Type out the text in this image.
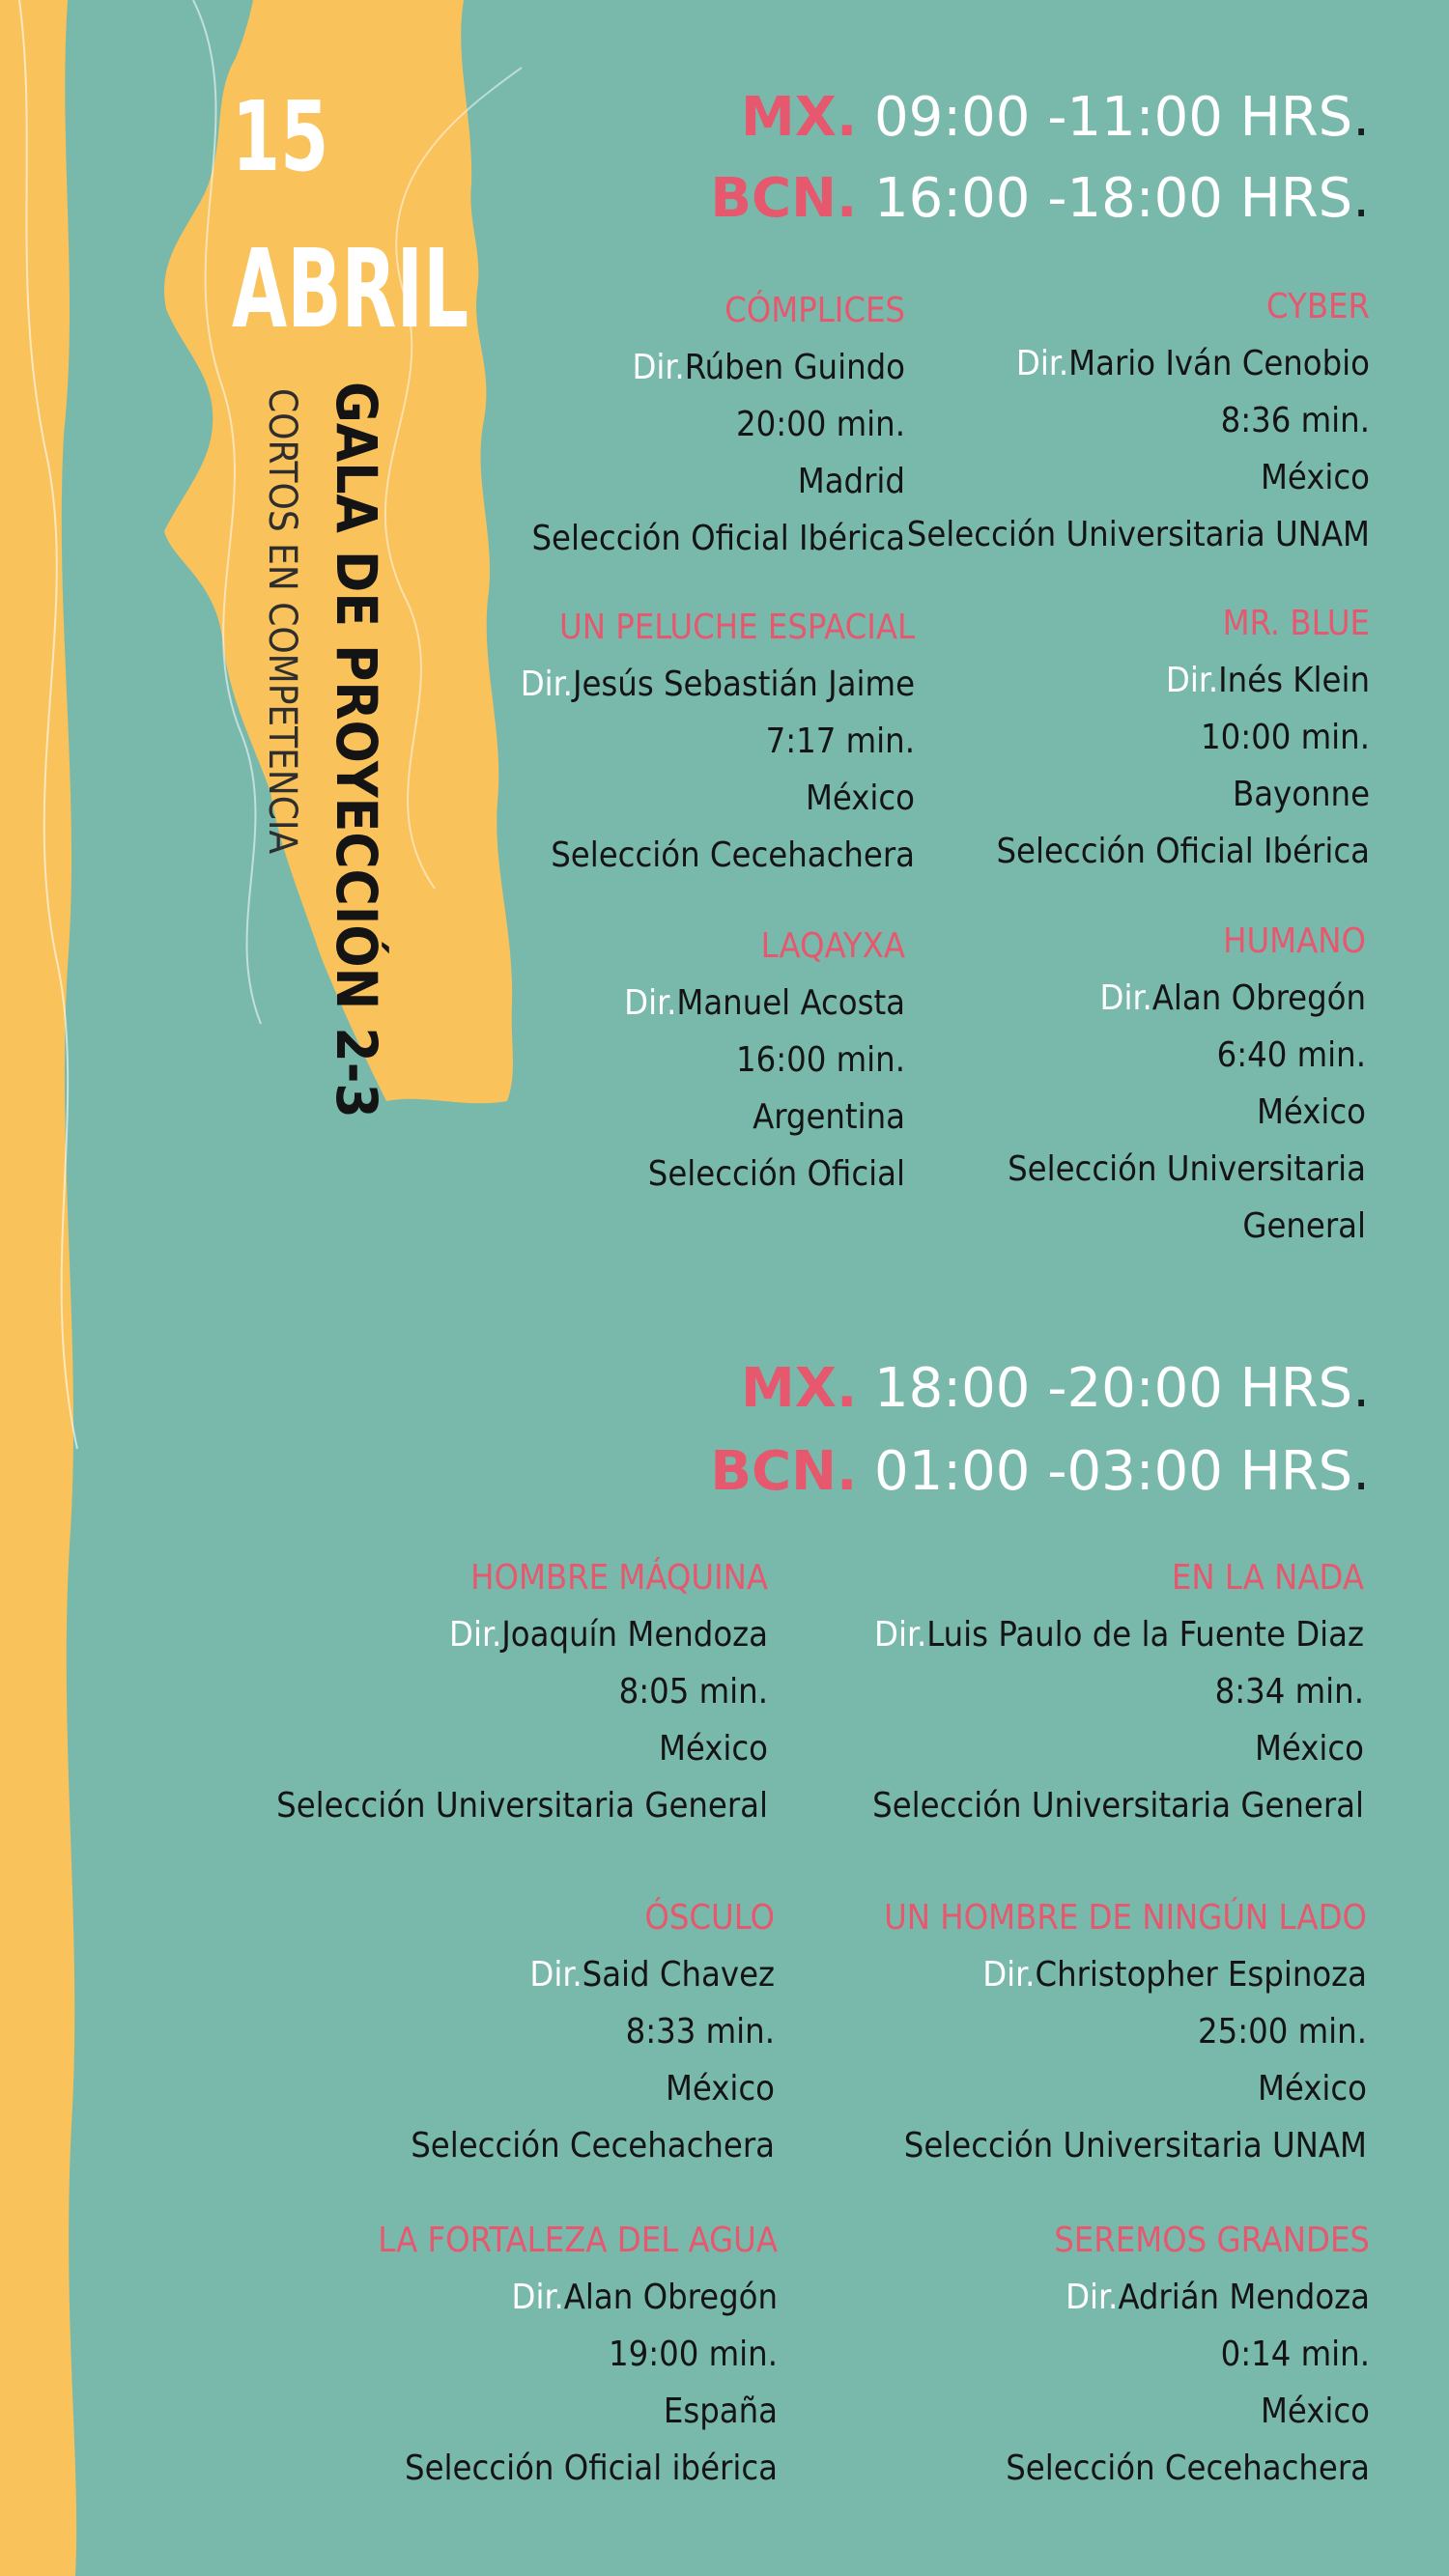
15
ABRIL
GALA DE PROYECCIÓN 2-3
CORTOS EN COMPETENCIA
MX. 09:00 -11:00 HRS.
BCN. 16:00 -18:00 HRS.
CÓMPLICES
Dir.Rúben Guindo
20:00 min.
Madrid
Selección Oficial Ibérica
CYBER
Dir.Mario Iván Cenobio
8:36 min.
México
Selección Universitaria UNAM
UN PELUCHE ESPACIAL
Dir.Jesús Sebastián Jaime
7:17 min.
México
Selección Cecehachera
MR. BLUE
Dir.Inés Klein
10:00 min.
Bayonne
Selección Oficial Ibérica
LAQAYXA
Dir.Manuel Acosta
16:00 min.
Argentina
Selección Oficial
HUMANO
Dir.Alan Obregón
6:40 min.
México
Selección Universitaria
General
MX. 18:00 -20:00 HRS.
BCN. 01:00 -03:00 HRS.
HOMBRE MÁQUINA
Dir.Joaquín Mendoza
8:05 min.
México
Selección Universitaria General
EN LA NADA
Dir.Luis Paulo de la Fuente Diaz
8:34 min.
México
Selección Universitaria General
ÓSCULO
Dir.Said Chavez
8:33 min.
México
Selección Cecehachera
UN HOMBRE DE NINGÚN LADO
Dir.Christopher Espinoza
25:00 min.
México
Selección Universitaria UNAM
LA FORTALEZA DEL AGUA
Dir.Alan Obregón
19:00 min.
España
Selección Oficial ibérica
SEREMOS GRANDES
Dir.Adrián Mendoza
0:14 min.
México
Selección Cecehachera
